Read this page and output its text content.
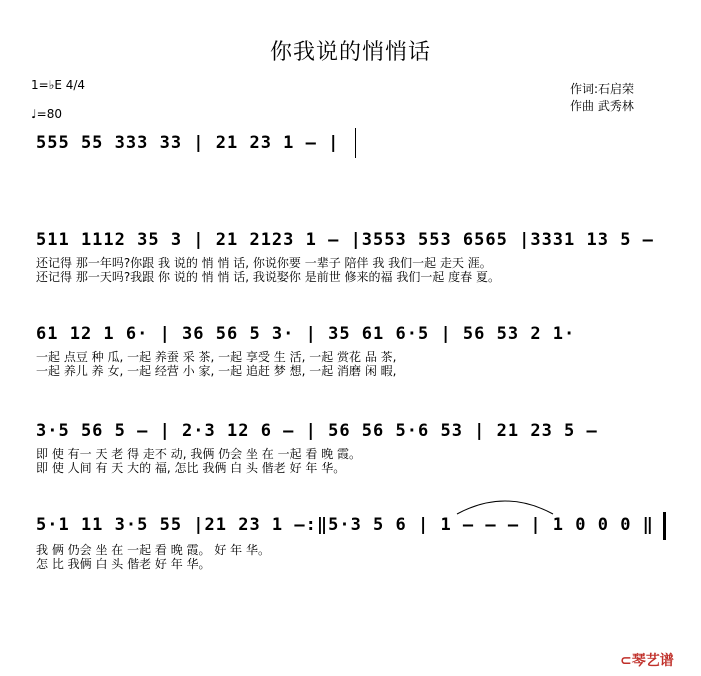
你我说的悄悄话
1=♭E 4/4
♩=80
作词:石启荣
作曲 武秀林
555 55 333 33 | 21 23 1 – |
511 1112 35 3 | 21 2123 1 – |3553 553 6565 |3331 13 5 –
还记得 那一年吗?你跟 我 说的 悄 悄 话, 你说你要 一辈子 陪伴 我 我们一起 走天 涯。
还记得 那一天吗?我跟 你 说的 悄 悄 话, 我说娶你 是前世 修来的福 我们一起 度春 夏。
61 12 1 6· | 36 56 5 3· | 35 61 6·5 | 56 53 2 1·
一起 点豆 种 瓜, 一起 养蚕 采 茶, 一起 享受 生 活, 一起 赏花 品 茶,
一起 养儿 养 女, 一起 经营 小 家, 一起 追赶 梦 想, 一起 消磨 闲 暇,
3·5 56 5 – | 2·3 12 6 – | 56 56 5·6 53 | 21 23 5 –
即 使 有一 天 老 得 走不 动, 我俩 仍会 坐 在 一起 看 晚 霞。
即 使 人间 有 天 大的 福, 怎比 我俩 白 头 偕老 好 年 华。
5·1 11 3·5 55 |21 23 1 –:‖5·3 5 6 | 1 – – – | 1 0 0 0 ‖
我 俩 仍会 坐 在 一起 看 晚 霞。 好 年 华。
怎 比 我俩 白 头 偕老 好 年 华。
⊂琴艺谱
